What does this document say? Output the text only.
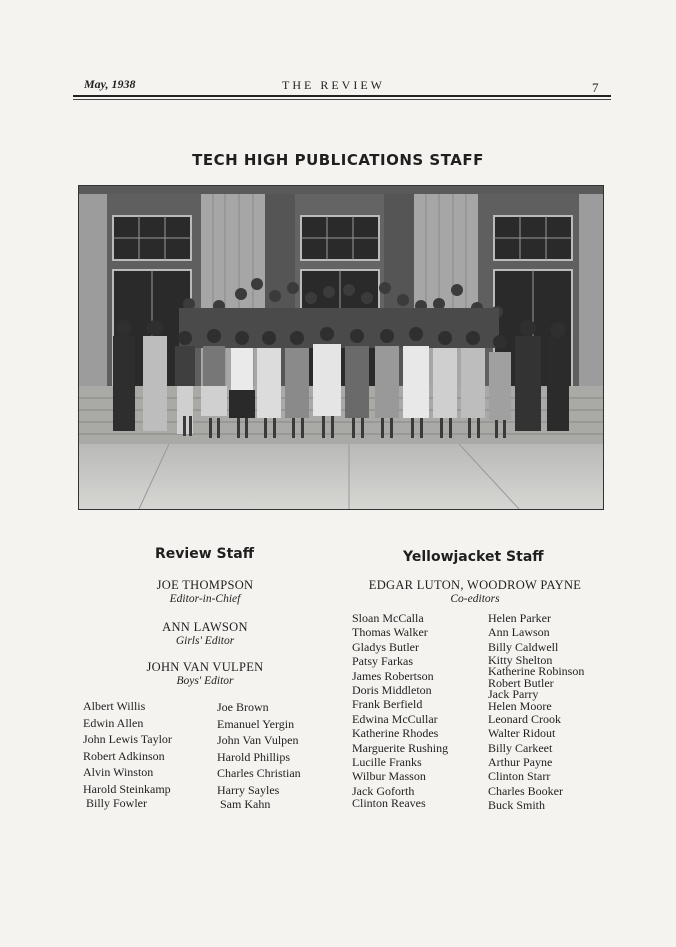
May, 1938	THE REVIEW	7
TECH HIGH PUBLICATIONS STAFF
Review Staff
JOE THOMPSON
Editor-in-Chief
ANN LAWSON
Girls' Editor
JOHN VAN VULPEN
Boys' Editor
Albert Willis
Edwin Allen
John Lewis Taylor
Robert Adkinson
Alvin Winston
Harold Steinkamp
Billy Fowler
Joe Brown
Emanuel Yergin
John Van Vulpen
Harold Phillips
Charles Christian
Harry Sayles
Sam Kahn
Yellowjacket Staff
EDGAR LUTON, WOODROW PAYNE
Co-editors
Sloan McCalla
Thomas Walker
Gladys Butler
Patsy Farkas
James Robertson
Doris Middleton
Frank Berfield
Edwina McCullar
Katherine Rhodes
Marguerite Rushing
Lucille Franks
Wilbur Masson
Jack Goforth
Clinton Reaves
Helen Parker
Ann Lawson
Billy Caldwell
Kitty Shelton
Katherine Robinson
Robert Butler
Jack Parry
Helen Moore
Leonard Crook
Walter Ridout
Billy Carkeet
Arthur Payne
Clinton Starr
Charles Booker
Buck Smith
